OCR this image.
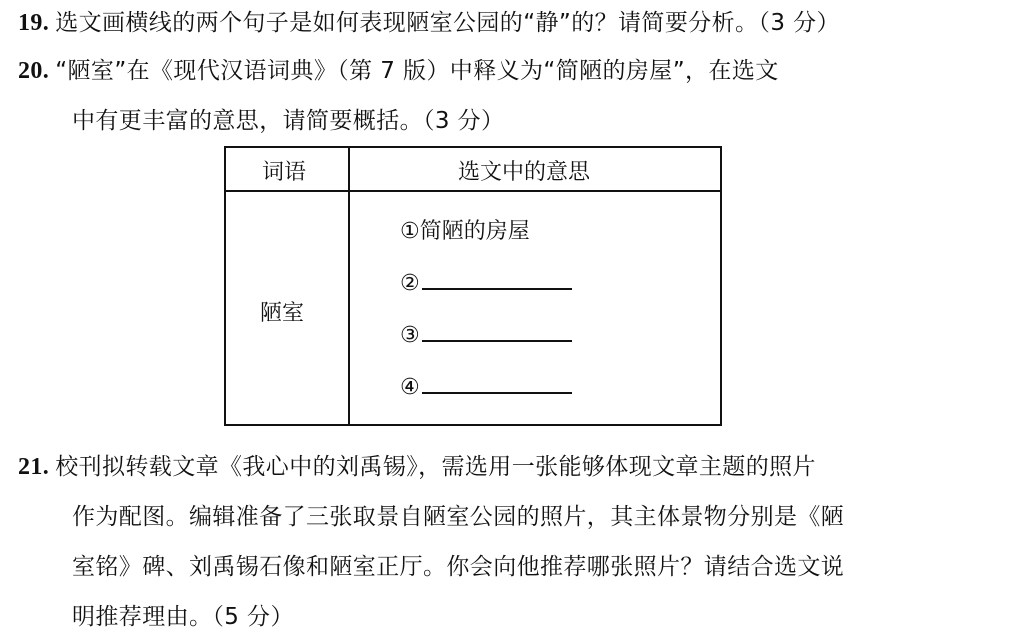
19. 选文画横线的两个句子是如何表现陋室公园的“静”的？请简要分析。（3 分）
20. “陋室”在《现代汉语词典》（第 7 版）中释义为“简陋的房屋”，在选文
中有更丰富的意思，请简要概括。（3 分）
词语	选文中的意思
陋室
①简陋的房屋
②
③
④
21. 校刊拟转载文章《我心中的刘禹锡》，需选用一张能够体现文章主题的照片
作为配图。编辑准备了三张取景自陋室公园的照片，其主体景物分别是《陋
室铭》碑、刘禹锡石像和陋室正厅。你会向他推荐哪张照片？请结合选文说
明推荐理由。（5 分）
